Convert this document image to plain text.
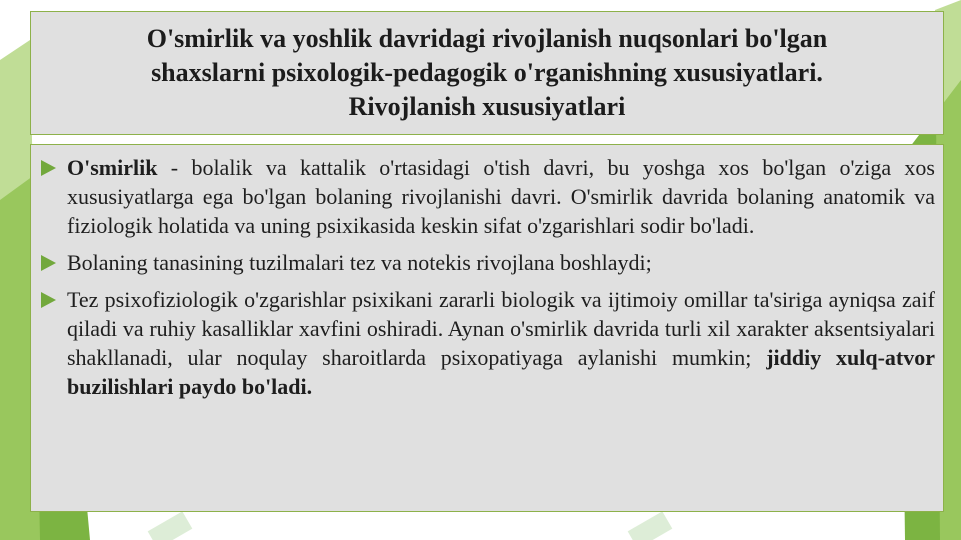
O'smirlik va yoshlik davridagi rivojlanish nuqsonlari bo'lgan
shaxslarni psixologik-pedagogik o'rganishning xususiyatlari.
Rivojlanish xususiyatlari
O'smirlik - bolalik va kattalik o'rtasidagi o'tish davri, bu yoshga xos bo'lgan o'ziga xos xususiyatlarga ega bo'lgan bolaning rivojlanishi davri. O'smirlik davrida bolaning anatomik va fiziologik holatida va uning psixikasida keskin sifat o'zgarishlari sodir bo'ladi.
Bolaning tanasining tuzilmalari tez va notekis rivojlana boshlaydi;
Tez psixofiziologik o'zgarishlar psixikani zararli biologik va ijtimoiy omillar ta'siriga ayniqsa zaif qiladi va ruhiy kasalliklar xavfini oshiradi. Aynan o'smirlik davrida turli xil xarakter aksentsiyalari shakllanadi, ular noqulay sharoitlarda psixopatiyaga aylanishi mumkin; jiddiy xulq-atvor buzilishlari paydo bo'ladi.
